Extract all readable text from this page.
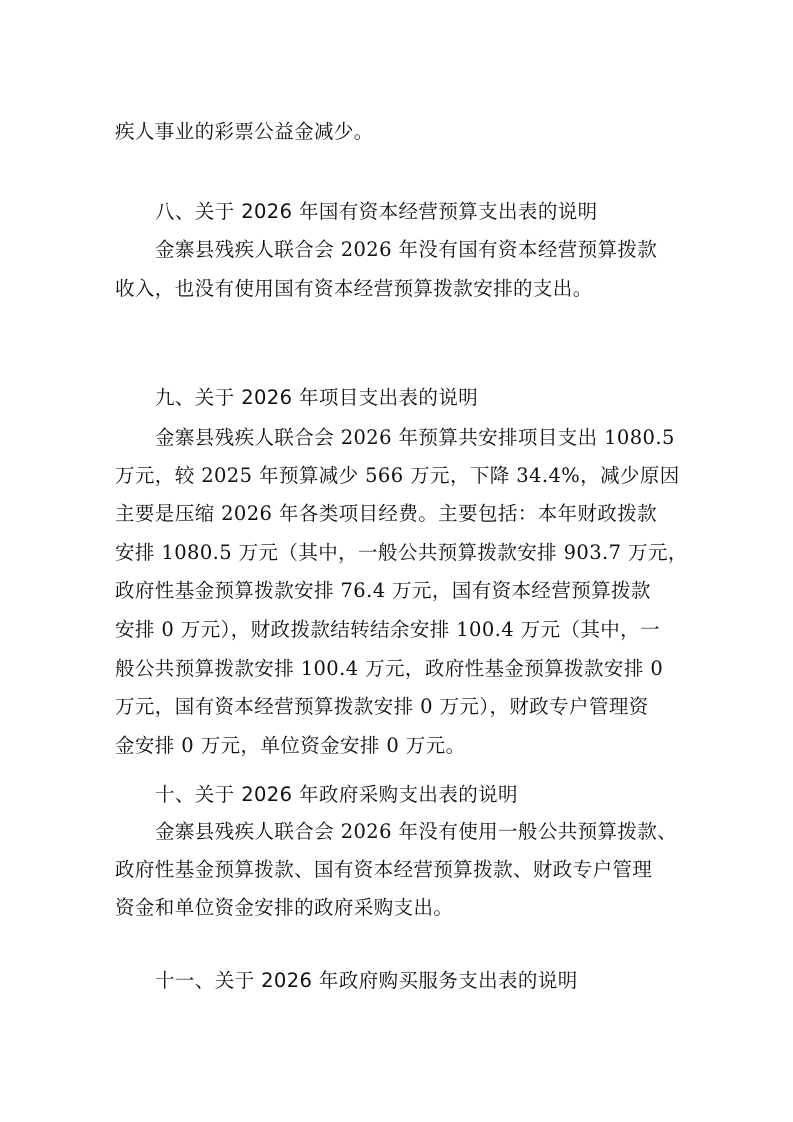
疾人事业的彩票公益金减少。
八、关于 2026 年国有资本经营预算支出表的说明
金寨县残疾人联合会 2026 年没有国有资本经营预算拨款
收入，也没有使用国有资本经营预算拨款安排的支出。
九、关于 2026 年项目支出表的说明
金寨县残疾人联合会 2026 年预算共安排项目支出 1080.5
万元，较 2025 年预算减少 566 万元，下降 34.4%，减少原因
主要是压缩 2026 年各类项目经费。主要包括：本年财政拨款
安排 1080.5 万元（其中，一般公共预算拨款安排 903.7 万元，
政府性基金预算拨款安排 76.4 万元，国有资本经营预算拨款
安排 0 万元），财政拨款结转结余安排 100.4 万元（其中，一
般公共预算拨款安排 100.4 万元，政府性基金预算拨款安排 0
万元，国有资本经营预算拨款安排 0 万元），财政专户管理资
金安排 0 万元，单位资金安排 0 万元。
十、关于 2026 年政府采购支出表的说明
金寨县残疾人联合会 2026 年没有使用一般公共预算拨款、
政府性基金预算拨款、国有资本经营预算拨款、财政专户管理
资金和单位资金安排的政府采购支出。
十一、关于 2026 年政府购买服务支出表的说明
